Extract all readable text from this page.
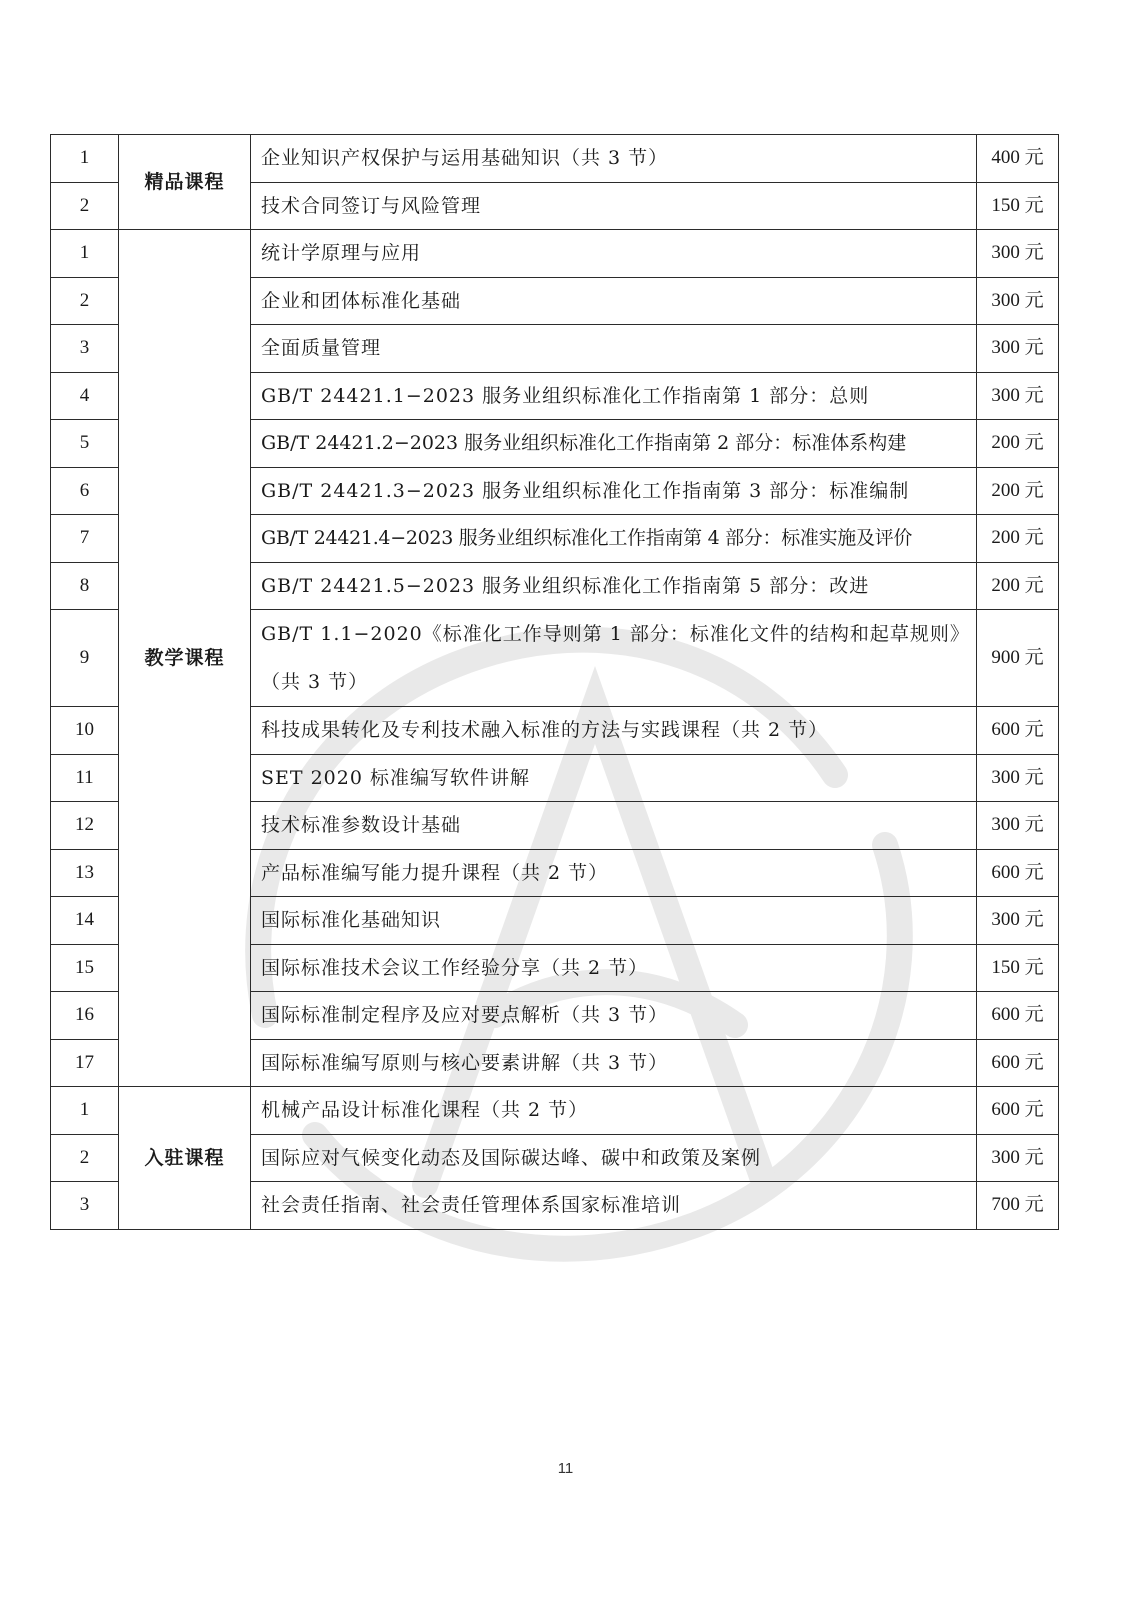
1	精品课程	企业知识产权保护与运用基础知识（共 3 节）	400 元
2		技术合同签订与风险管理	150 元
1	教学课程	统计学原理与应用	300 元
2		企业和团体标准化基础	300 元
3		全面质量管理	300 元
4		GB/T 24421.1−2023 服务业组织标准化工作指南第 1 部分：总则	300 元
5		GB/T 24421.2−2023 服务业组织标准化工作指南第 2 部分：标准体系构建	200 元
6		GB/T 24421.3−2023 服务业组织标准化工作指南第 3 部分：标准编制	200 元
7		GB/T 24421.4−2023 服务业组织标准化工作指南第 4 部分：标准实施及评价	200 元
8		GB/T 24421.5−2023 服务业组织标准化工作指南第 5 部分：改进	200 元
9		GB/T 1.1−2020《标准化工作导则第 1 部分：标准化文件的结构和起草规则》（共 3 节）	900 元
10		科技成果转化及专利技术融入标准的方法与实践课程（共 2 节）	600 元
11		SET 2020 标准编写软件讲解	300 元
12		技术标准参数设计基础	300 元
13		产品标准编写能力提升课程（共 2 节）	600 元
14		国际标准化基础知识	300 元
15		国际标准技术会议工作经验分享（共 2 节）	150 元
16		国际标准制定程序及应对要点解析（共 3 节）	600 元
17		国际标准编写原则与核心要素讲解（共 3 节）	600 元
1	入驻课程	机械产品设计标准化课程（共 2 节）	600 元
2		国际应对气候变化动态及国际碳达峰、碳中和政策及案例	300 元
3		社会责任指南、社会责任管理体系国家标准培训	700 元
11
